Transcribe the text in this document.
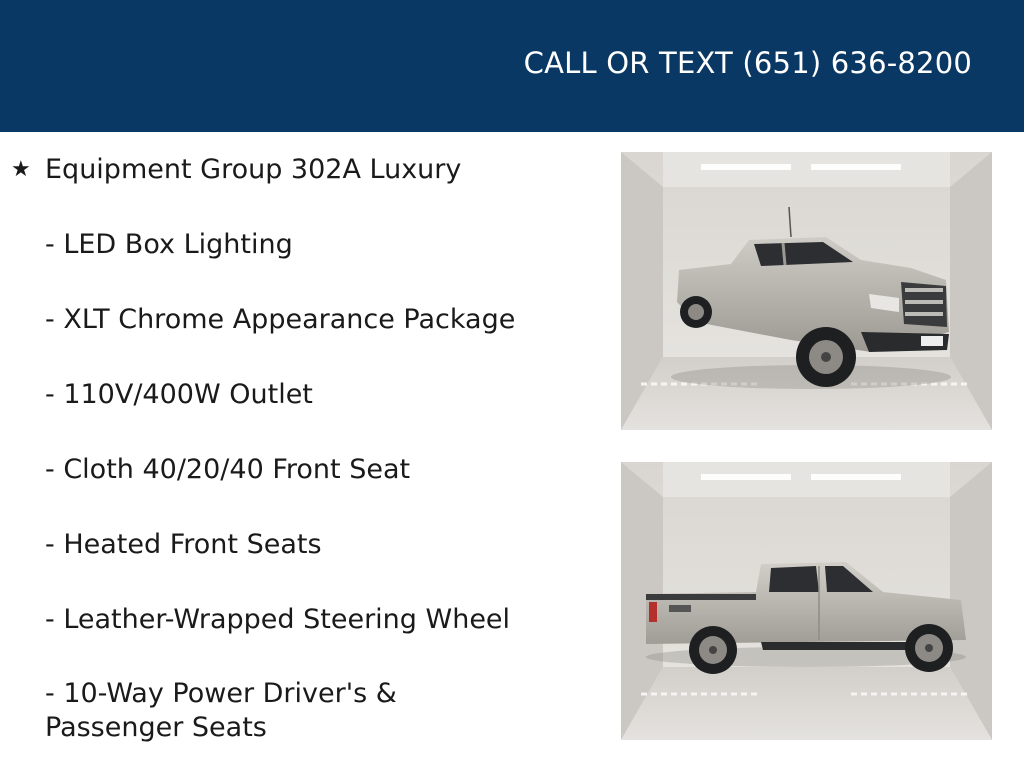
CALL OR TEXT (651) 636-8200
★ Equipment Group 302A Luxury
- LED Box Lighting
- XLT Chrome Appearance Package
- 110V/400W Outlet
- Cloth 40/20/40 Front Seat
- Heated Front Seats
- Leather-Wrapped Steering Wheel
- 10-Way Power Driver's &
Passenger Seats
